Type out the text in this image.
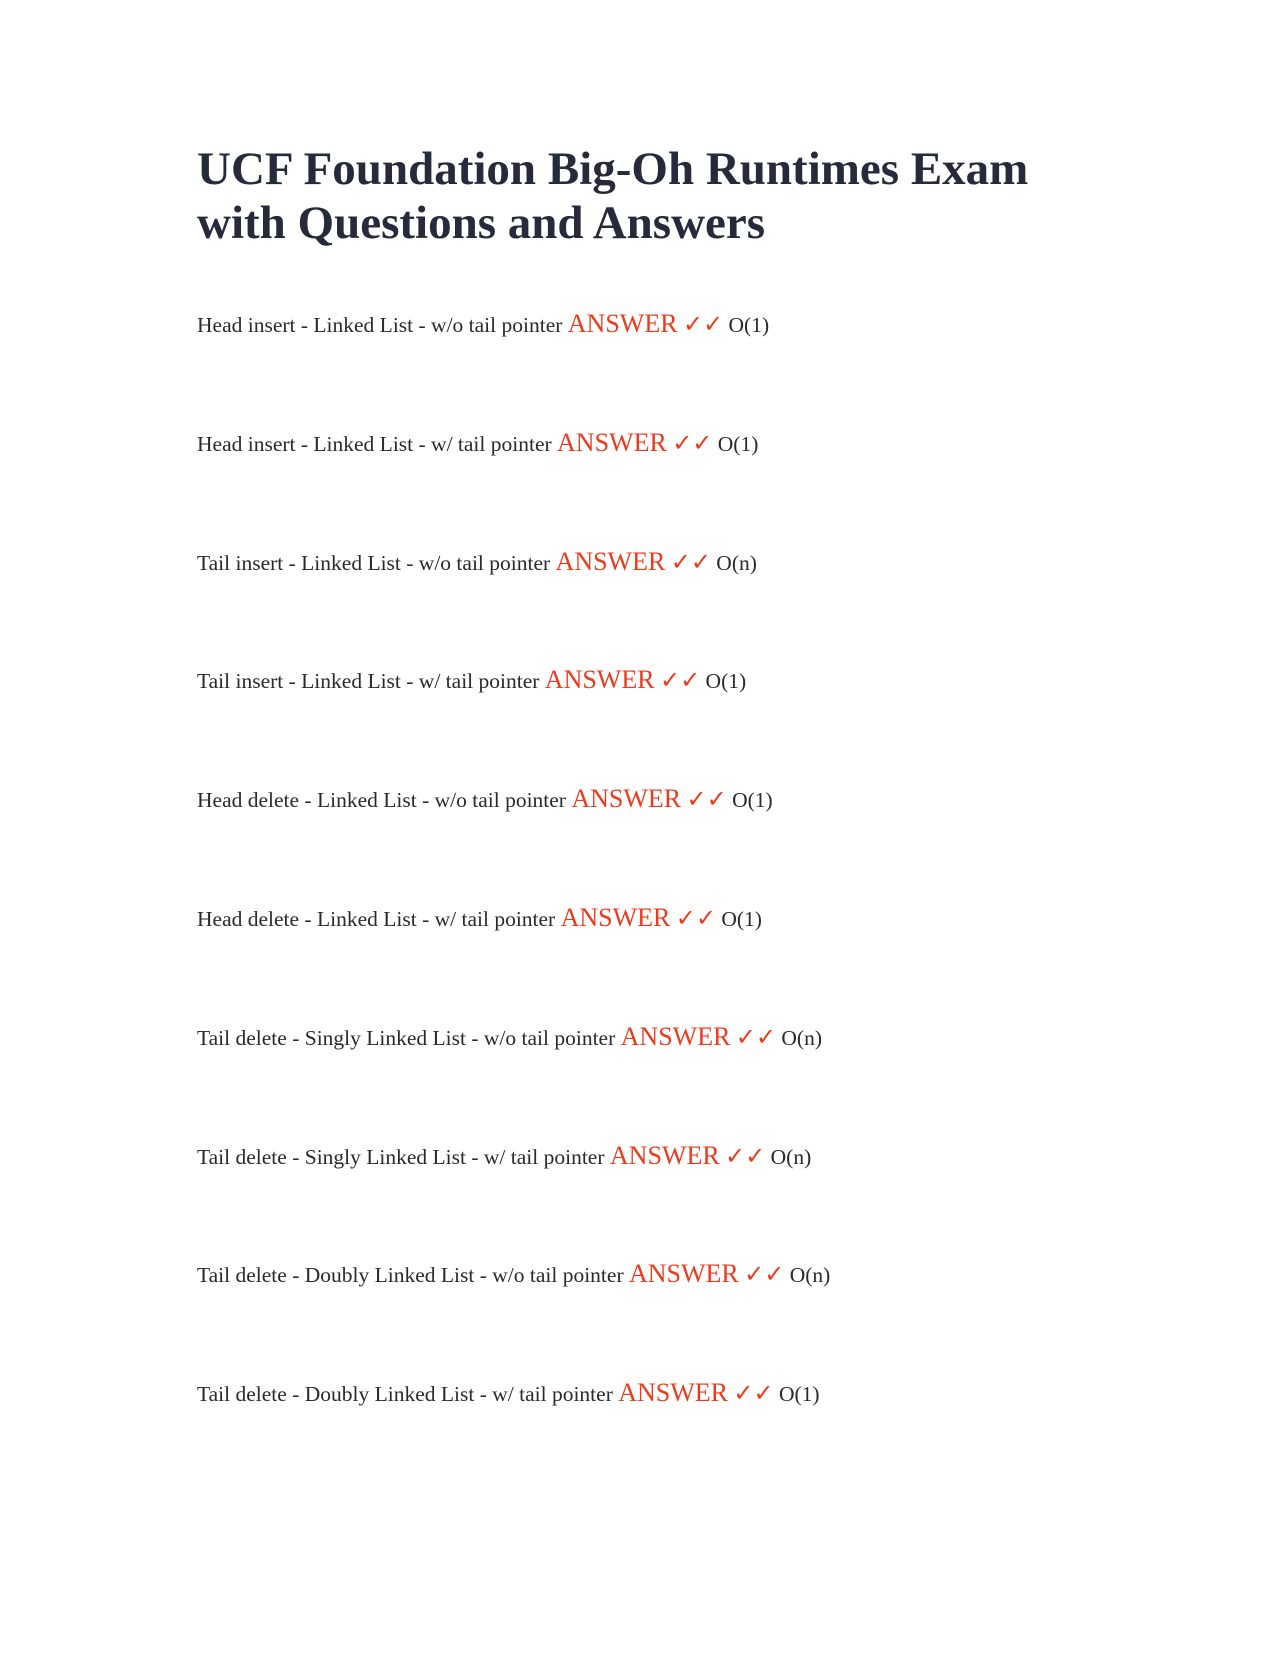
UCF Foundation Big-Oh Runtimes Exam with Questions and Answers
Head insert - Linked List - w/o tail pointer ANSWER ✓✓ O(1)
Head insert - Linked List - w/ tail pointer ANSWER ✓✓ O(1)
Tail insert - Linked List - w/o tail pointer ANSWER ✓✓ O(n)
Tail insert - Linked List - w/ tail pointer ANSWER ✓✓ O(1)
Head delete - Linked List - w/o tail pointer ANSWER ✓✓ O(1)
Head delete - Linked List - w/ tail pointer ANSWER ✓✓ O(1)
Tail delete - Singly Linked List - w/o tail pointer ANSWER ✓✓ O(n)
Tail delete - Singly Linked List - w/ tail pointer ANSWER ✓✓ O(n)
Tail delete - Doubly Linked List - w/o tail pointer ANSWER ✓✓ O(n)
Tail delete - Doubly Linked List - w/ tail pointer ANSWER ✓✓ O(1)
